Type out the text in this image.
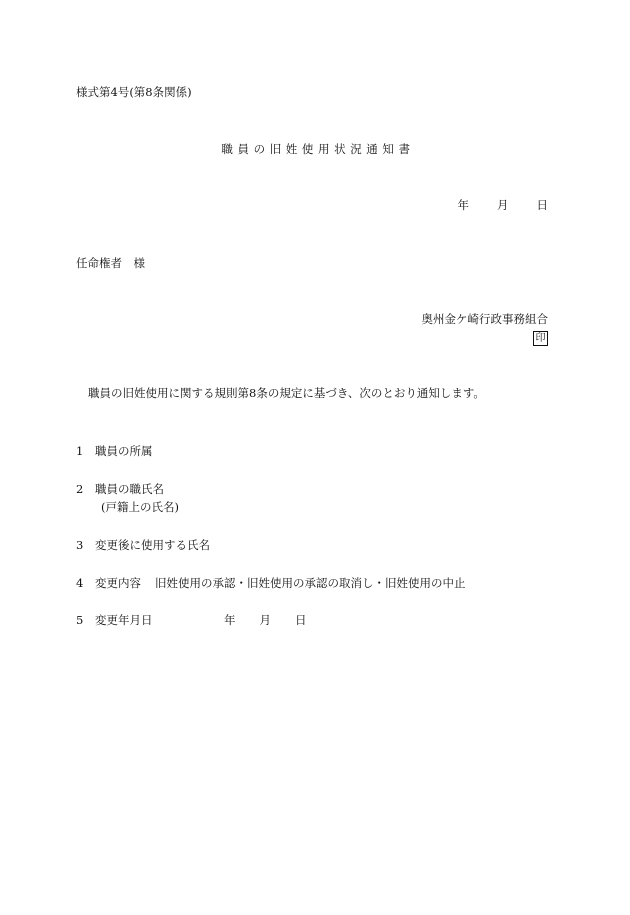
様式第4号(第8条関係)
職員の旧姓使用状況通知書
年 月 日
任命権者　様
奥州金ケ崎行政事務組合
印
職員の旧姓使用に関する規則第8条の規定に基づき、次のとおり通知します。
1 職員の所属
2 職員の職氏名
(戸籍上の氏名)
3 変更後に使用する氏名
4 変更内容 旧姓使用の承認・旧姓使用の承認の取消し・旧姓使用の中止
5 変更年月日	年 月 日
